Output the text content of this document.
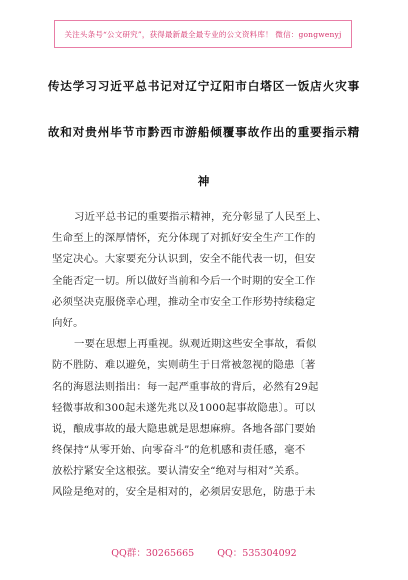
关注头条号“公文研究”，获得最新最全最专业的公文资料库！ 微信：gongwenyj
传达学习习近平总书记对辽宁辽阳市白塔区一饭店火灾事
故和对贵州毕节市黔西市游船倾覆事故作出的重要指示精
神
习近平总书记的重要指示精神，充分彰显了人民至上、
生命至上的深厚情怀，充分体现了对抓好安全生产工作的
坚定决心。大家要充分认识到，安全不能代表一切，但安
全能否定一切。所以做好当前和今后一个时期的安全工作
必须坚决克服侥幸心理，推动全市安全工作形势持续稳定
向好。
一要在思想上再重视。纵观近期这些安全事故，看似
防不胜防、难以避免，实则萌生于日常被忽视的隐患〔著
名的海恩法则指出：每一起严重事故的背后，必然有29起
轻微事故和300起未遂先兆以及1000起事故隐患〕。可以
说，酿成事故的最大隐患就是思想麻痹。各地各部门要始
终保持“从零开始、向零奋斗”的危机感和责任感，毫不
放松拧紧安全这根弦。要认清安全“绝对与相对”关系。
风险是绝对的，安全是相对的，必须居安思危，防患于未
QQ群：30265665 QQ：535304092
